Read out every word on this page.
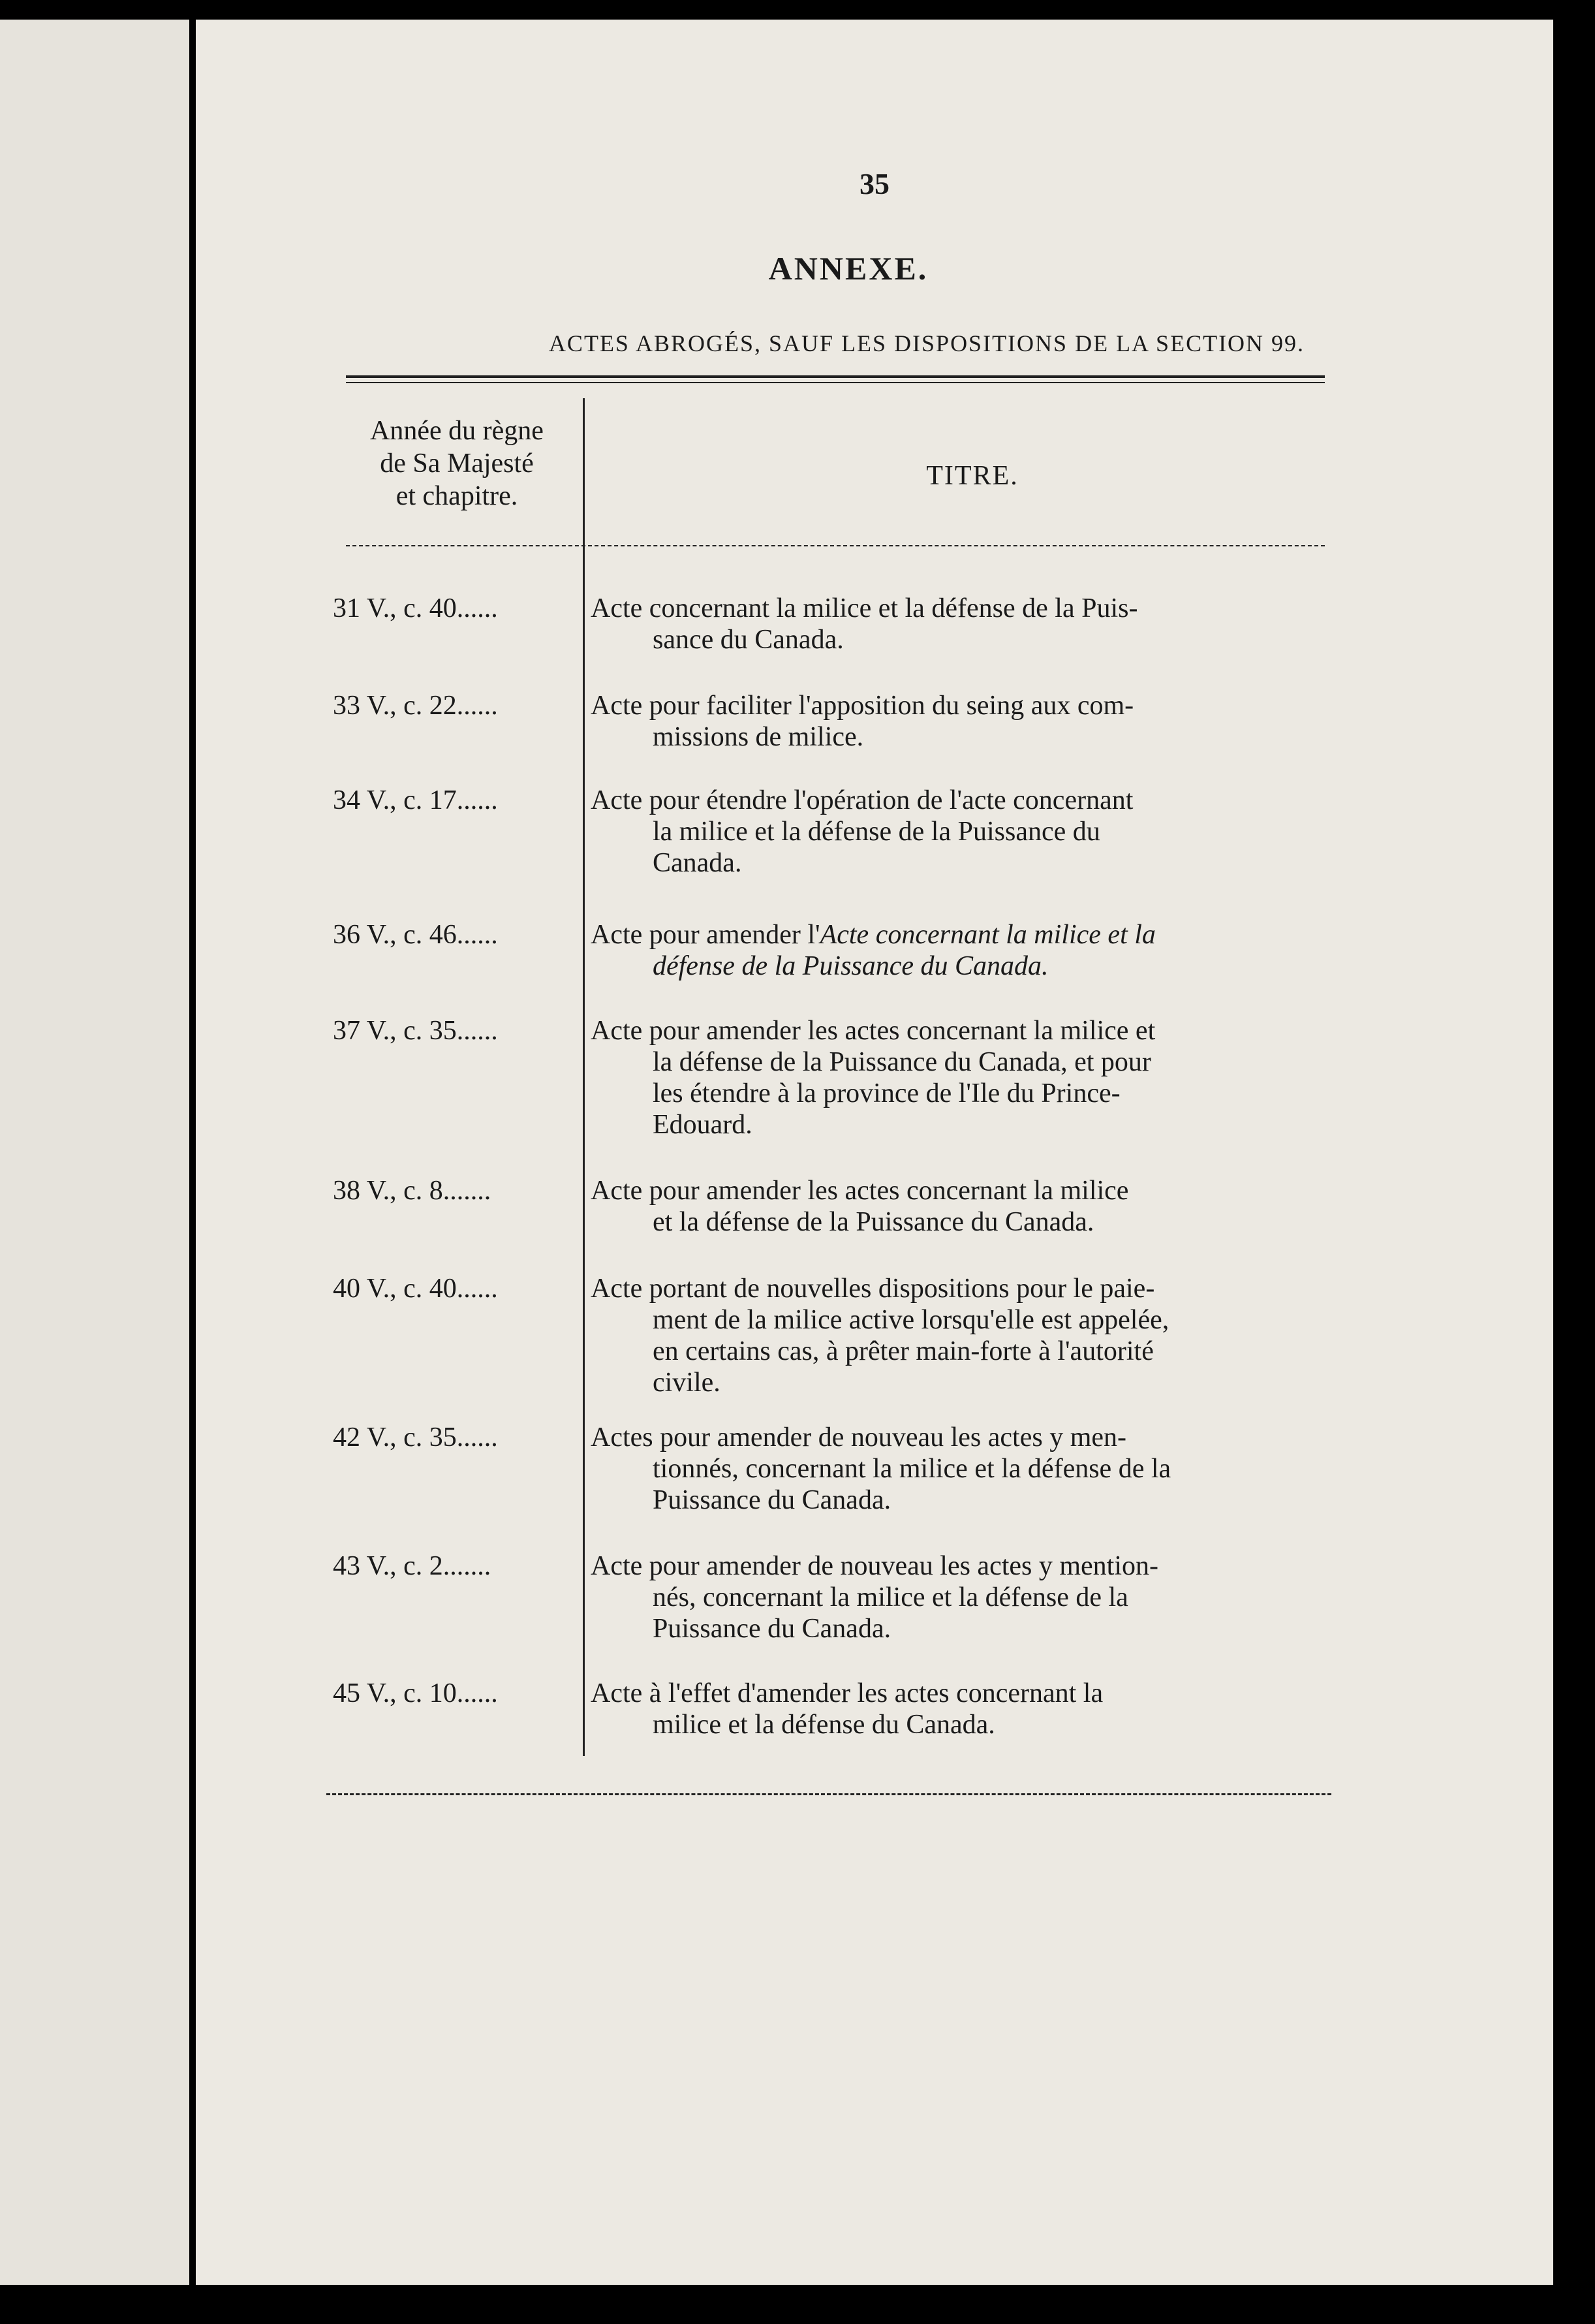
35
ANNEXE.
ACTES ABROGÉS, SAUF LES DISPOSITIONS DE LA SECTION 99.
Année du règne
de Sa Majesté
et chapitre.
TITRE.
31 V., c. 40......	Acte concernant la milice et la défense de la Puis-
sance du Canada.
33 V., c. 22......	Acte pour faciliter l'apposition du seing aux com-
missions de milice.
34 V., c. 17......	Acte pour étendre l'opération de l'acte concernant
la milice et la défense de la Puissance du
Canada.
36 V., c. 46......	Acte pour amender l'Acte concernant la milice et la
défense de la Puissance du Canada.
37 V., c. 35......	Acte pour amender les actes concernant la milice et
la défense de la Puissance du Canada, et pour
les étendre à la province de l'Ile du Prince-
Edouard.
38 V., c. 8.......	Acte pour amender les actes concernant la milice
et la défense de la Puissance du Canada.
40 V., c. 40......	Acte portant de nouvelles dispositions pour le paie-
ment de la milice active lorsqu'elle est appelée,
en certains cas, à prêter main-forte à l'autorité
civile.
42 V., c. 35......	Actes pour amender de nouveau les actes y men-
tionnés, concernant la milice et la défense de la
Puissance du Canada.
43 V., c. 2.......	Acte pour amender de nouveau les actes y mention-
nés, concernant la milice et la défense de la
Puissance du Canada.
45 V., c. 10......	Acte à l'effet d'amender les actes concernant la
milice et la défense du Canada.
